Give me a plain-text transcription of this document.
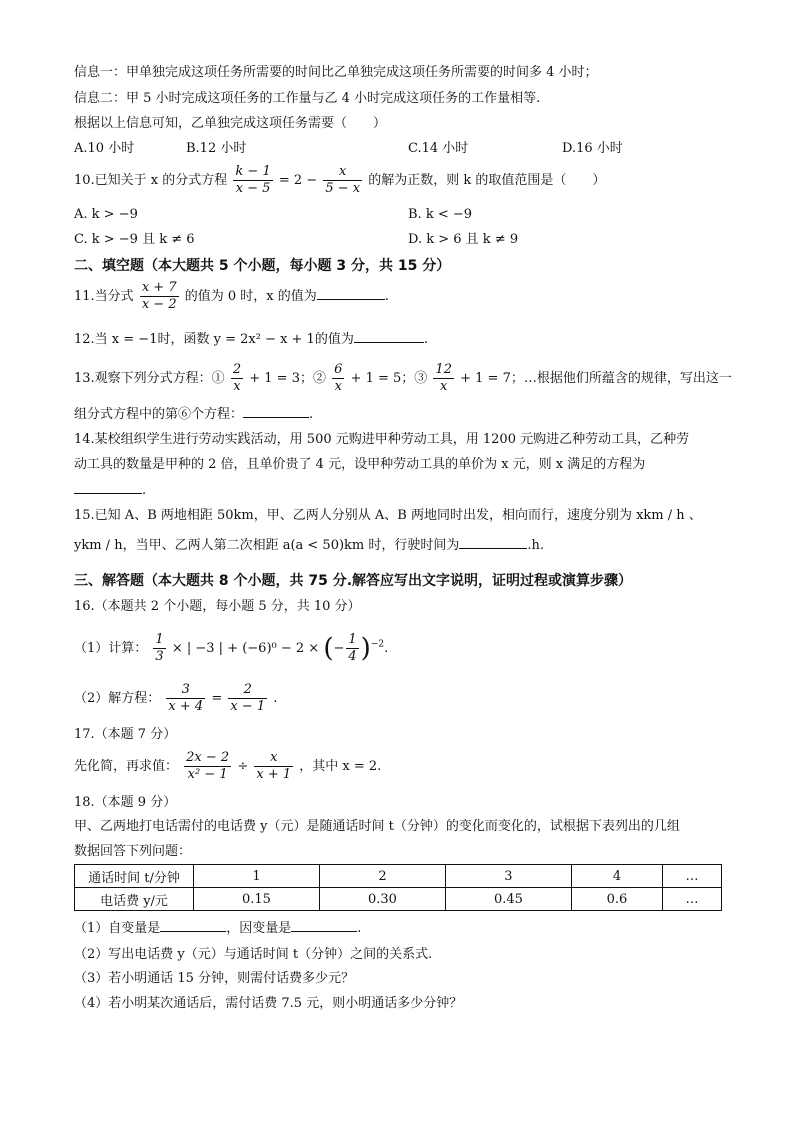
信息一：甲单独完成这项任务所需要的时间比乙单独完成这项任务所需要的时间多 4 小时；
信息二：甲 5 小时完成这项任务的工作量与乙 4 小时完成这项任务的工作量相等.
根据以上信息可知，乙单独完成这项任务需要（　　）
A.10 小时	B.12 小时	C.14 小时	D.16 小时
10.已知关于 x 的分式方程 $\frac{k - 1}{x - 5} = 2 - \frac{x}{5 - x}$ 的解为正数，则 k 的取值范围是（　　）
A. k > −9	B. k < −9
C. k > −9 且 k ≠ 6	D. k > 6 且 k ≠ 9
二、填空题（本大题共 5 个小题，每小题 3 分，共 15 分）
11.当分式 $\frac{x + 7}{x - 2}$ 的值为 0 时，x 的值为	.
12.当 x = −1时，函数 y = 2x² − x + 1的值为	.
13.观察下列分式方程：① $\frac{2}{x} + 1 = 3$；② $\frac{6}{x} + 1 = 5$；③ $\frac{12}{x} + 1 = 7$；…根据他们所蕴含的规律，写出这一
组分式方程中的第⑥个方程：	.
14.某校组织学生进行劳动实践活动，用 500 元购进甲种劳动工具，用 1200 元购进乙种劳动工具，乙种劳
动工具的数量是甲种的 2 倍，且单价贵了 4 元，设甲种劳动工具的单价为 x 元，则 x 满足的方程为
.
15.已知 A、B 两地相距 50km，甲、乙两人分别从 A、B 两地同时出发，相向而行，速度分别为 xkm / h 、
ykm / h，当甲、乙两人第二次相距 a(a < 50)km 时，行驶时间为	.h.
三、解答题（本大题共 8 个小题，共 75 分.解答应写出文字说明，证明过程或演算步骤）
16.（本题共 2 个小题，每小题 5 分，共 10 分）
（1）计算： $\frac{1}{3}$ × | −3 | + (−6)⁰ − 2 × (− $\frac{1}{4} )^{-2}$.
（2）解方程： $\frac{3}{x + 4} = \frac{2}{x - 1}$ .
17.（本题 7 分）
先化简，再求值： $\frac{2x - 2}{\text{x² − 1}} \div \frac{x}{x + 1}$ ，其中 x = 2.
18.（本题 9 分）
甲、乙两地打电话需付的电话费 y（元）是随通话时间 t（分钟）的变化而变化的，试根据下表列出的几组
数据回答下列问题：
通话时间 t/分钟	1	2	3	4	…
电话费 y/元	0.15	0.30	0.45	0.6	…
（1）自变量是	，因变量是	.
（2）写出电话费 y（元）与通话时间 t（分钟）之间的关系式.
（3）若小明通话 15 分钟，则需付话费多少元？
（4）若小明某次通话后，需付话费 7.5 元，则小明通话多少分钟？
